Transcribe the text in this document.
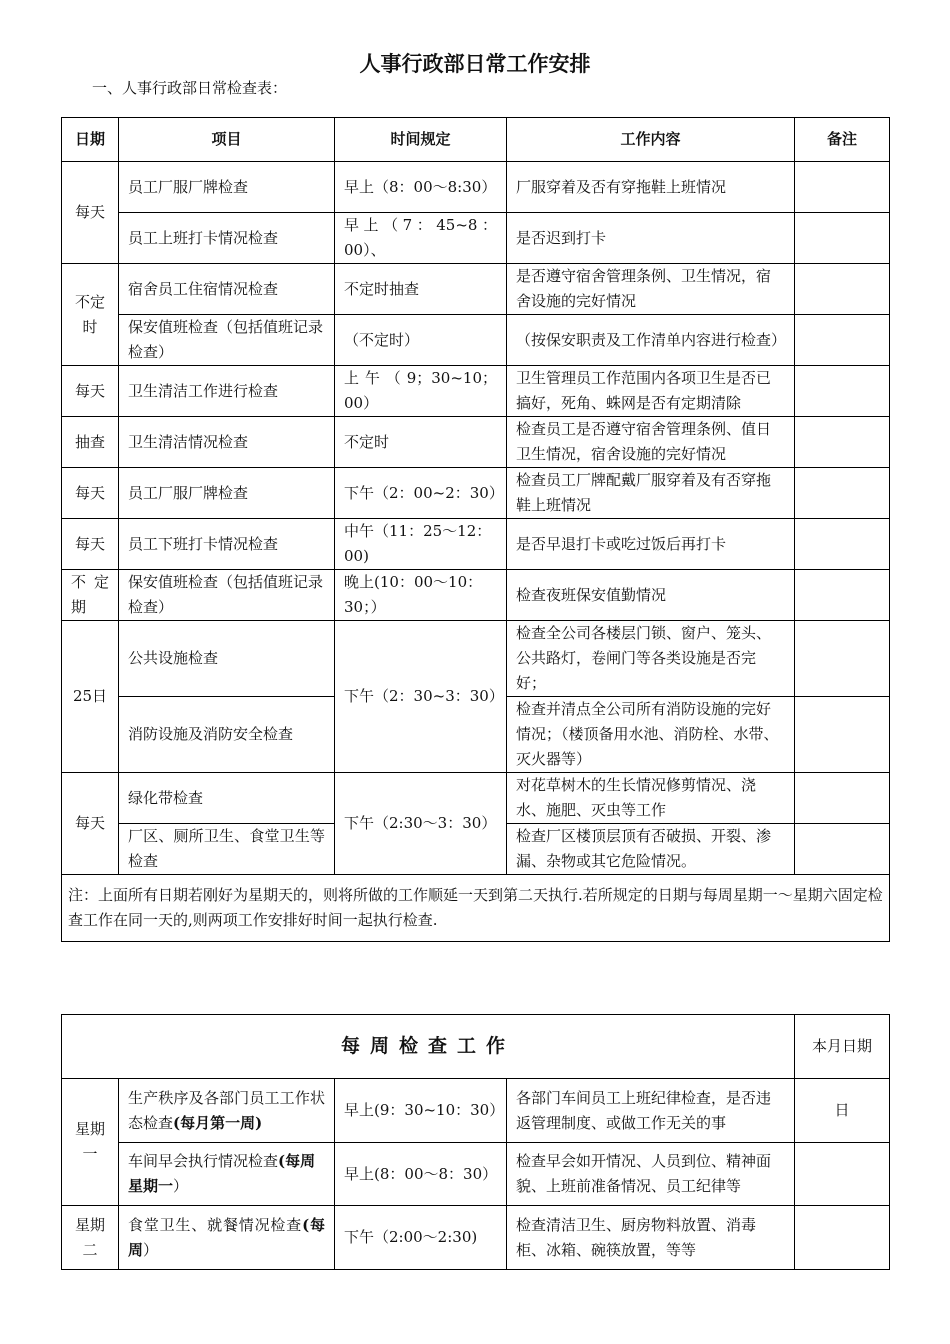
人事行政部日常工作安排
一、人事行政部日常检查表：
日期	项目	时间规定	工作内容	备注
每天	员工厂服厂牌检查	早上（8：00～8:30）	厂服穿着及否有穿拖鞋上班情况	
	员工上班打卡情况检查	早上（7：45~8：00）、	是否迟到打卡	
不定时	宿舍员工住宿情况检查	不定时抽查	是否遵守宿舍管理条例、卫生情况，宿舍设施的完好情况	
	保安值班检查（包括值班记录检查）	（不定时）	（按保安职责及工作清单内容进行检查）	
每天	卫生清洁工作进行检查	上午（9；30~10；00）	卫生管理员工作范围内各项卫生是否已搞好，死角、蛛网是否有定期清除	
抽查	卫生清洁情况检查	不定时	检查员工是否遵守宿舍管理条例、值日卫生情况，宿舍设施的完好情况	
每天	员工厂服厂牌检查	下午（2：00~2：30）	检查员工厂牌配戴厂服穿着及有否穿拖鞋上班情况	
每天	员工下班打卡情况检查	中午（11：25～12：00)	是否早退打卡或吃过饭后再打卡	
不定期	保安值班检查（包括值班记录检查）	晚上(10：00～10：30；）	检查夜班保安值勤情况	
25日	公共设施检查	下午（2：30~3：30）	检查全公司各楼层门锁、窗户、笼头、公共路灯，卷闸门等各类设施是否完好；	
	消防设施及消防安全检查		检查并清点全公司所有消防设施的完好情况；（楼顶备用水池、消防栓、水带、灭火器等）	
每天	绿化带检查	下午（2:30～3：30）	对花草树木的生长情况修剪情况、浇水、施肥、灭虫等工作	
	厂区、厕所卫生、食堂卫生等检查		检查厂区楼顶层顶有否破损、开裂、渗漏、杂物或其它危险情况。	
注：上面所有日期若刚好为星期天的，则将所做的工作顺延一天到第二天执行.若所规定的日期与每周星期一～星期六固定检查工作在同一天的,则两项工作安排好时间一起执行检查.				
每周检查工作				本月日期
星期一	生产秩序及各部门员工工作状态检查(每月第一周)	早上(9：30~10：30）	各部门车间员工上班纪律检查，是否违返管理制度、或做工作无关的事	日
	车间早会执行情况检查(每周星期一）	早上(8：00～8：30）	检查早会如开情况、人员到位、精神面貌、上班前准备情况、员工纪律等	
星期二	食堂卫生、就餐情况检查(每周）	下午（2:00～2:30)	检查清洁卫生、厨房物料放置、消毒柜、冰箱、碗筷放置，等等	
